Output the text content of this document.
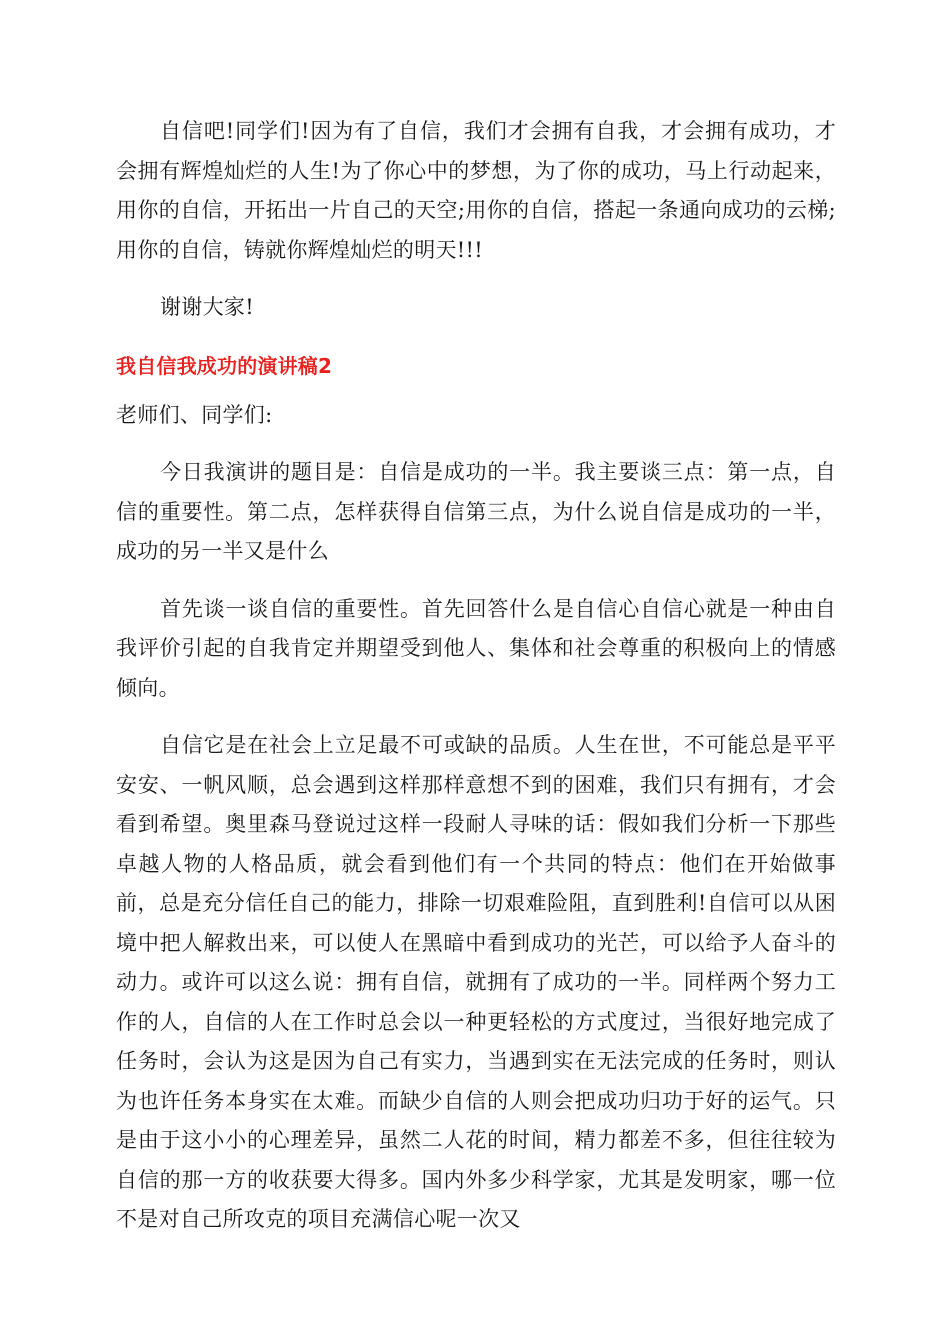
自信吧!同学们!因为有了自信，我们才会拥有自我，才会拥有成功，才会拥有辉煌灿烂的人生!为了你心中的梦想，为了你的成功，马上行动起来，用你的自信，开拓出一片自己的天空;用你的自信，搭起一条通向成功的云梯;用你的自信，铸就你辉煌灿烂的明天!!!

谢谢大家!

我自信我成功的演讲稿2

老师们、同学们:

今日我演讲的题目是：自信是成功的一半。我主要谈三点：第一点，自信的重要性。第二点，怎样获得自信第三点，为什么说自信是成功的一半，成功的另一半又是什么

首先谈一谈自信的重要性。首先回答什么是自信心自信心就是一种由自我评价引起的自我肯定并期望受到他人、集体和社会尊重的积极向上的情感倾向。

自信它是在社会上立足最不可或缺的品质。人生在世，不可能总是平平安安、一帆风顺，总会遇到这样那样意想不到的困难，我们只有拥有，才会看到希望。奥里森马登说过这样一段耐人寻味的话：假如我们分析一下那些卓越人物的人格品质，就会看到他们有一个共同的特点：他们在开始做事前，总是充分信任自己的能力，排除一切艰难险阻，直到胜利!自信可以从困境中把人解救出来，可以使人在黑暗中看到成功的光芒，可以给予人奋斗的动力。或许可以这么说：拥有自信，就拥有了成功的一半。同样两个努力工作的人，自信的人在工作时总会以一种更轻松的方式度过，当很好地完成了任务时，会认为这是因为自己有实力，当遇到实在无法完成的任务时，则认为也许任务本身实在太难。而缺少自信的人则会把成功归功于好的运气。只是由于这小小的心理差异，虽然二人花的时间，精力都差不多，但往往较为自信的那一方的收获要大得多。国内外多少科学家，尤其是发明家，哪一位不是对自己所攻克的项目充满信心呢一次又
